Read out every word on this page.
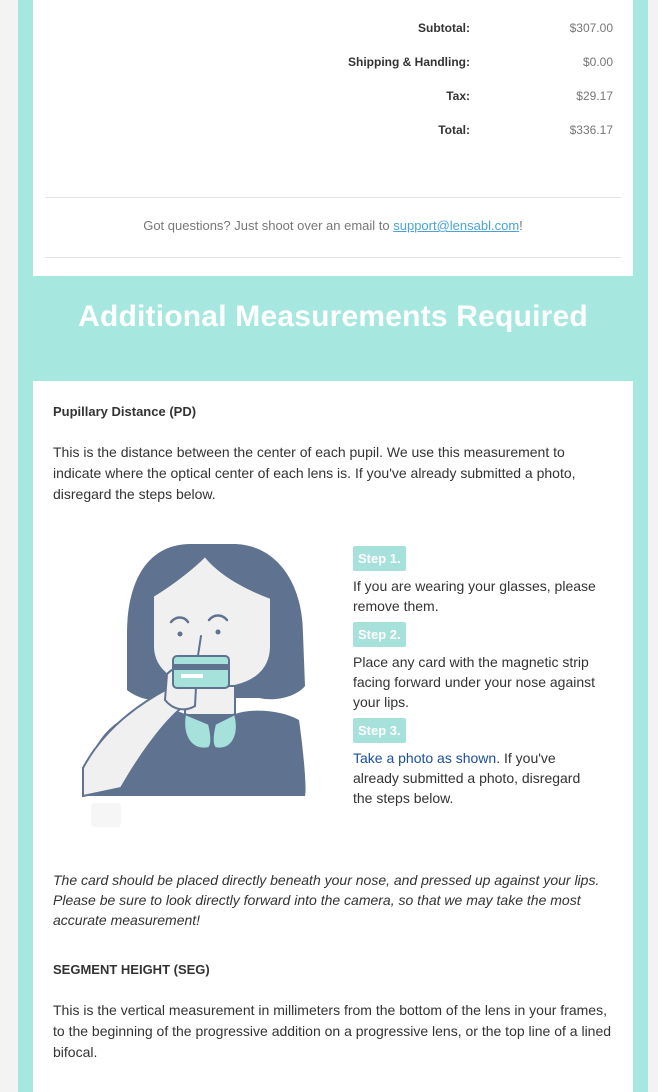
Subtotal:	$307.00
Shipping & Handling:	$0.00
Tax:	$29.17
Total:	$336.17
Got questions? Just shoot over an email to support@lensabl.com!
Additional Measurements Required
Pupillary Distance (PD)
This is the distance between the center of each pupil. We use this measurement to indicate where the optical center of each lens is. If you've already submitted a photo, disregard the steps below.
Step 1.
If you are wearing your glasses, please remove them.
Step 2.
Place any card with the magnetic strip facing forward under your nose against your lips.
Step 3.
Take a photo as shown. If you've already submitted a photo, disregard the steps below.
The card should be placed directly beneath your nose, and pressed up against your lips. Please be sure to look directly forward into the camera, so that we may take the most accurate measurement!
SEGMENT HEIGHT (SEG)
This is the vertical measurement in millimeters from the bottom of the lens in your frames, to the beginning of the progressive addition on a progressive lens, or the top line of a lined bifocal.
